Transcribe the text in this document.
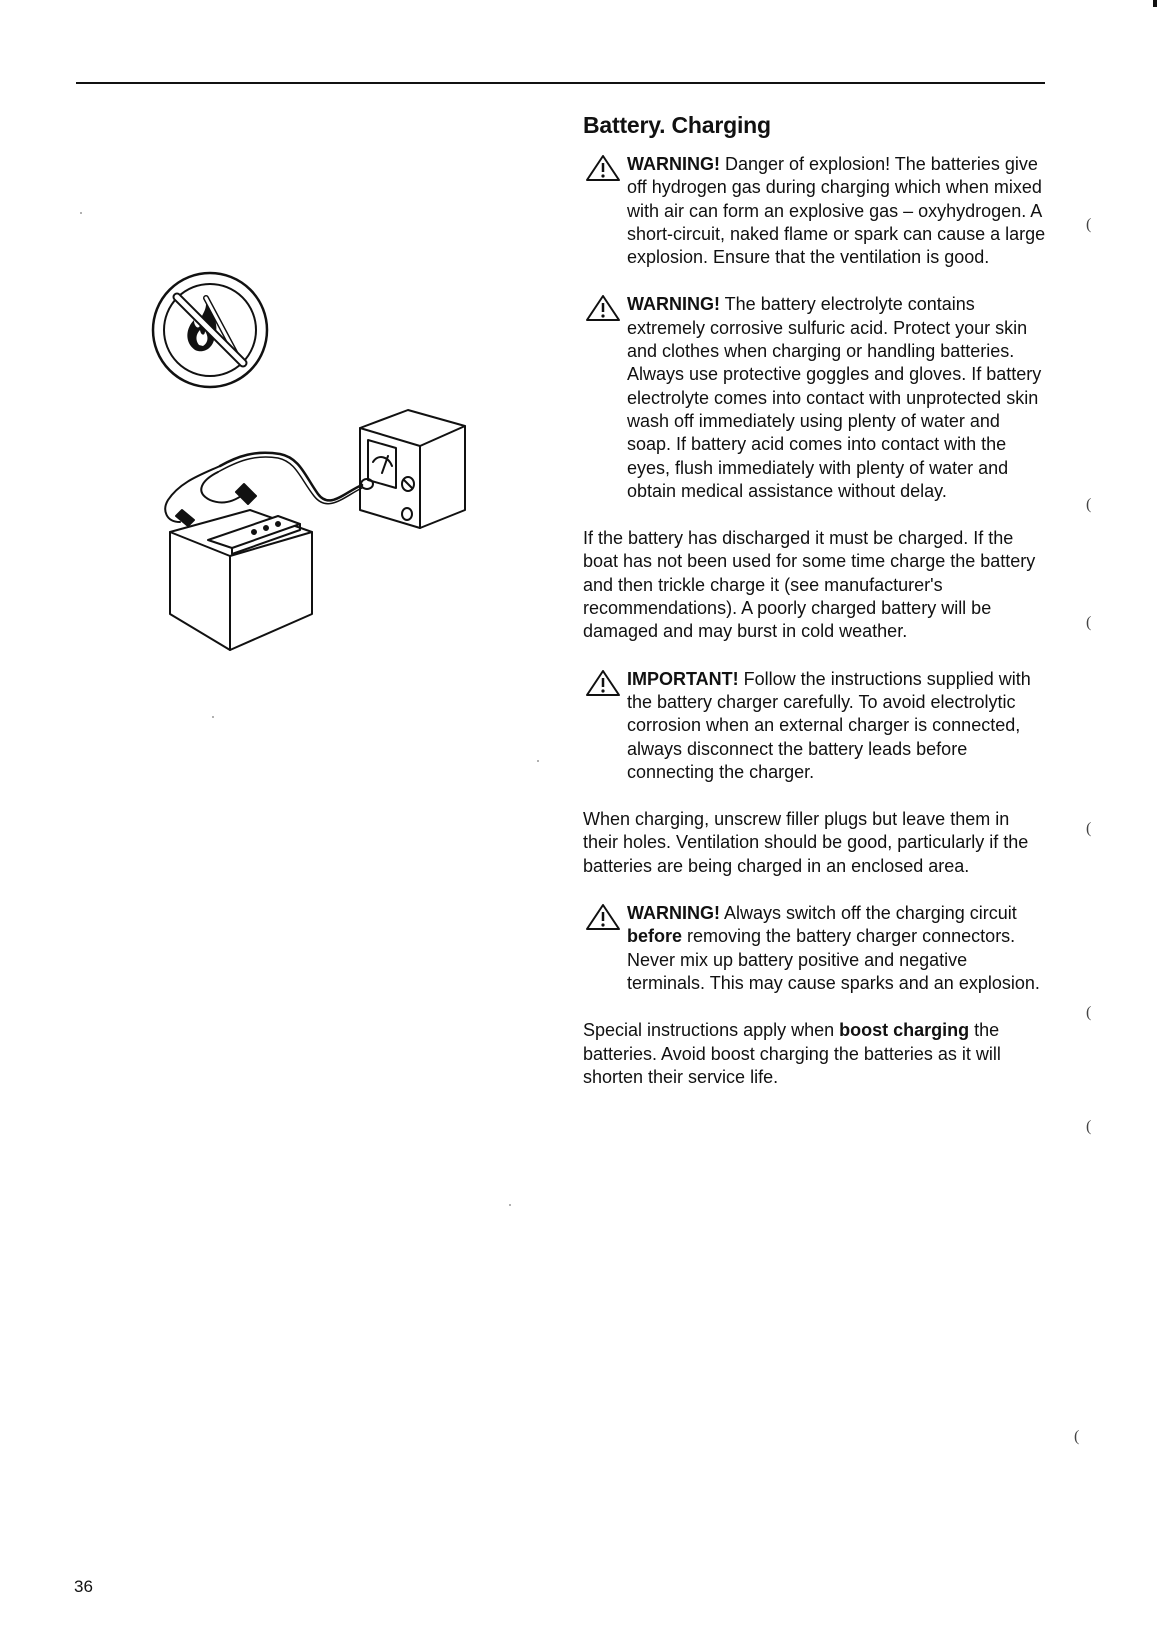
Battery. Charging
WARNING! Danger of explosion! The batteries give off hydrogen gas during charging which when mixed with air can form an explosive gas – oxyhydrogen. A short-circuit, naked flame or spark can cause a large explosion. Ensure that the ventilation is good.
WARNING! The battery electrolyte contains extremely corrosive sulfuric acid. Protect your skin and clothes when charging or handling batteries. Always use protective goggles and gloves. If battery electrolyte comes into contact with unprotected skin wash off immediately using plenty of water and soap. If battery acid comes into contact with the eyes, flush immediately with plenty of water and obtain medical assistance without delay.

If the battery has discharged it must be charged. If the boat has not been used for some time charge the battery and then trickle charge it (see manufacturer's recommendations). A poorly charged battery will be damaged and may burst in cold weather.

IMPORTANT! Follow the instructions supplied with the battery charger carefully. To avoid electrolytic corrosion when an external charger is connected, always disconnect the battery leads before connecting the charger.

When charging, unscrew filler plugs but leave them in their holes. Ventilation should be good, particularly if the batteries are being charged in an enclosed area.

WARNING! Always switch off the charging circuit before removing the battery charger connectors. Never mix up battery positive and negative terminals. This may cause sparks and an explosion.

Special instructions apply when boost charging the batteries. Avoid boost charging the batteries as it will shorten their service life.

(
(
(
(
(
(
(
36
